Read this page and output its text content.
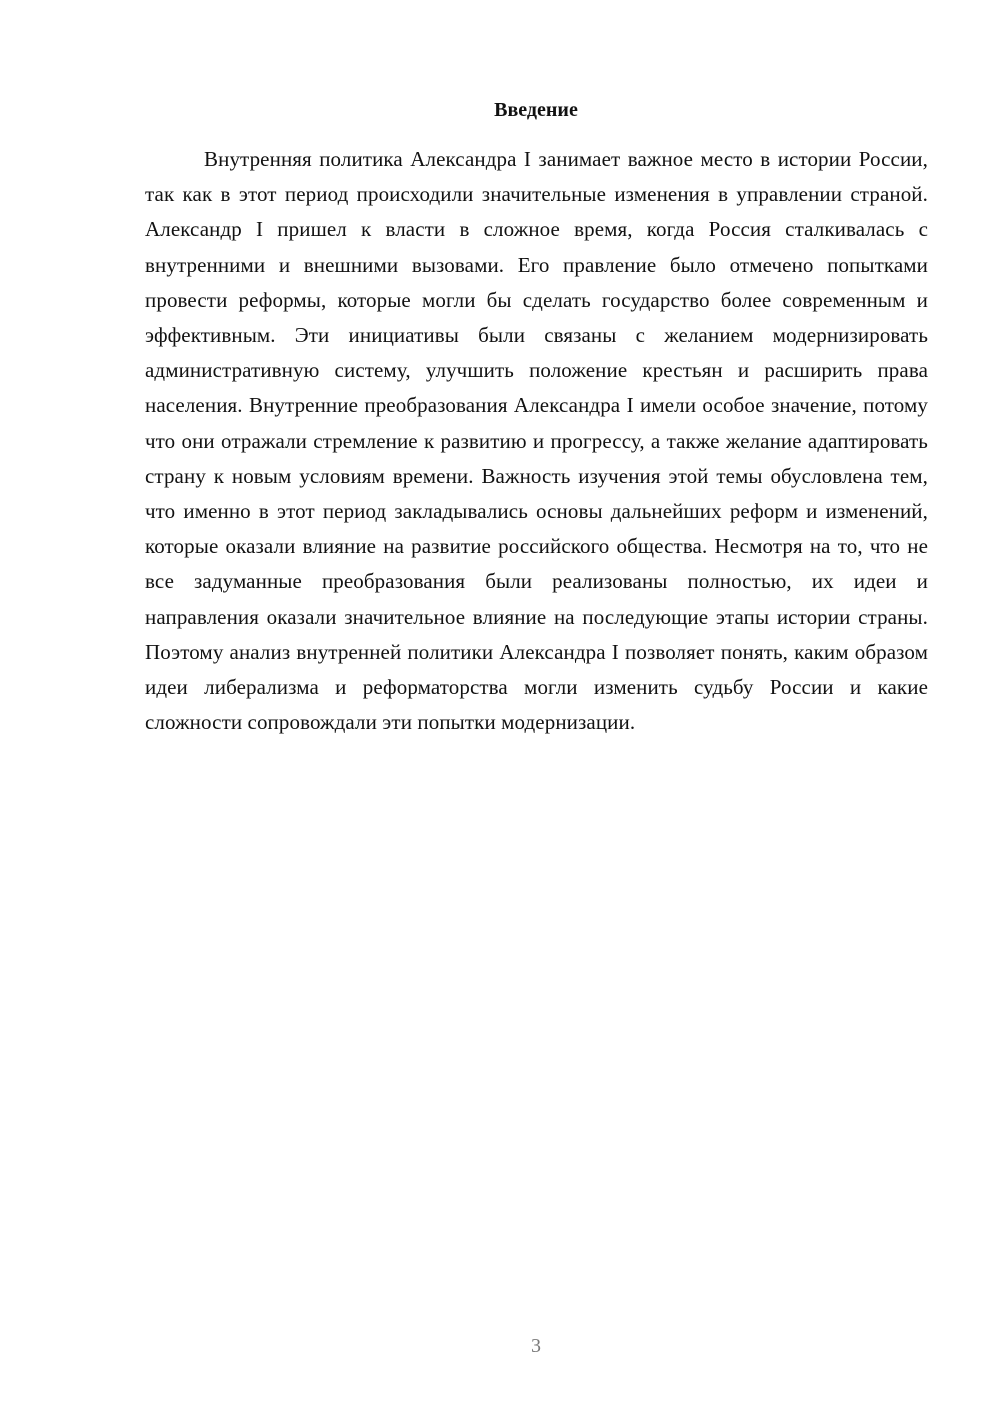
Введение

Внутренняя политика Александра I занимает важное место в истории России, так как в этот период происходили значительные изменения в управлении страной. Александр I пришел к власти в сложное время, когда Россия сталкивалась с внутренними и внешними вызовами. Его правление было отмечено попытками провести реформы, которые могли бы сделать государство более современным и эффективным. Эти инициативы были связаны с желанием модернизировать административную систему, улучшить положение крестьян и расширить права населения. Внутренние преобразования Александра I имели особое значение, потому что они отражали стремление к развитию и прогрессу, а также желание адаптировать страну к новым условиям времени. Важность изучения этой темы обусловлена тем, что именно в этот период закладывались основы дальнейших реформ и изменений, которые оказали влияние на развитие российского общества. Несмотря на то, что не все задуманные преобразования были реализованы полностью, их идеи и направления оказали значительное влияние на последующие этапы истории страны. Поэтому анализ внутренней политики Александра I позволяет понять, каким образом идеи либерализма и реформаторства могли изменить судьбу России и какие сложности сопровождали эти попытки модернизации.

3
